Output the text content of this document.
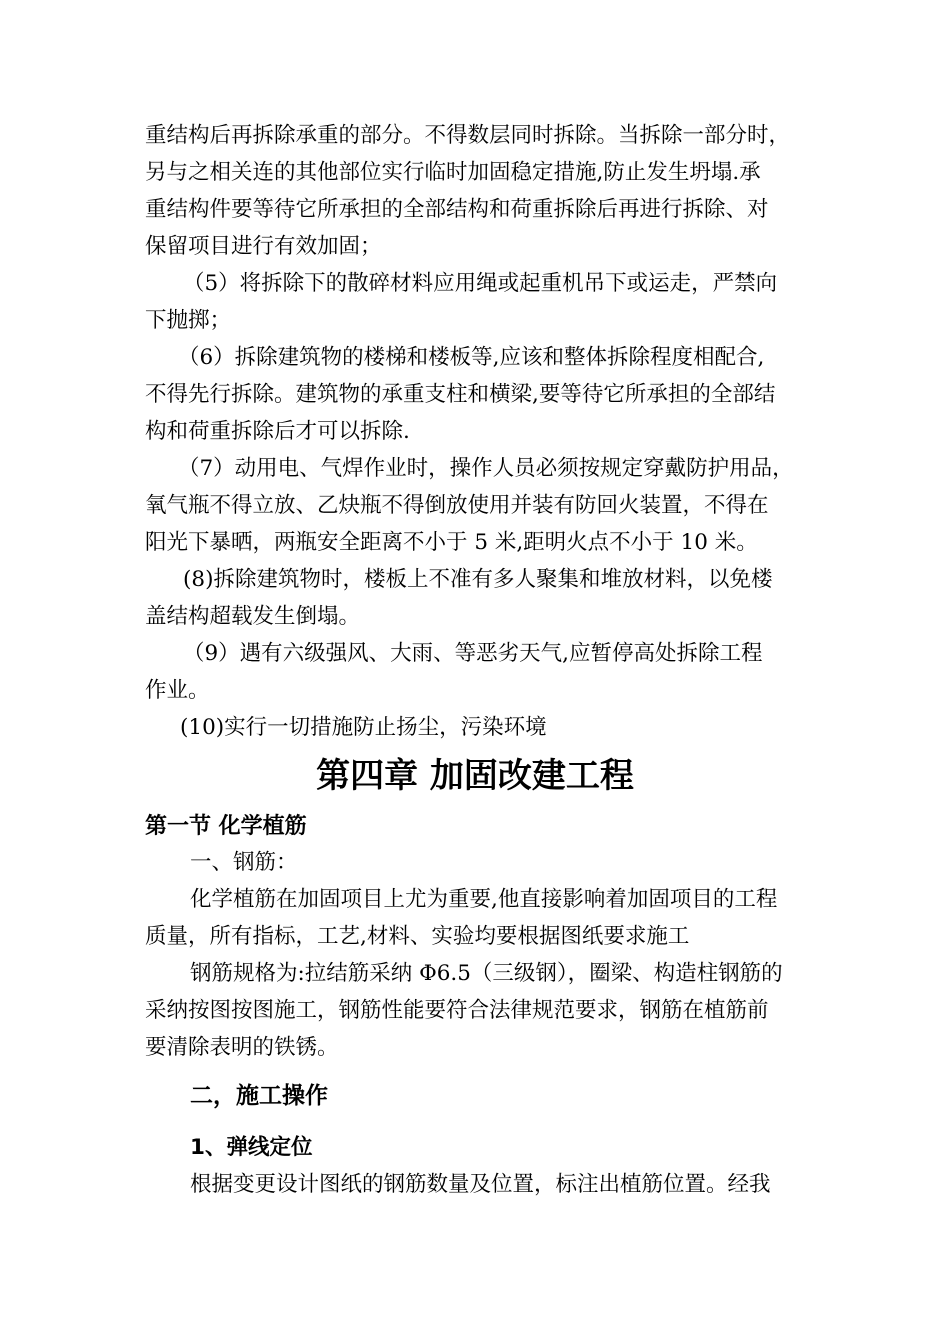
重结构后再拆除承重的部分。不得数层同时拆除。当拆除一部分时，
另与之相关连的其他部位实行临时加固稳定措施,防止发生坍塌.承
重结构件要等待它所承担的全部结构和荷重拆除后再进行拆除、对
保留项目进行有效加固；
（5）将拆除下的散碎材料应用绳或起重机吊下或运走，严禁向
下抛掷；
（6）拆除建筑物的楼梯和楼板等,应该和整体拆除程度相配合,
不得先行拆除。建筑物的承重支柱和横梁,要等待它所承担的全部结
构和荷重拆除后才可以拆除.
（7）动用电、气焊作业时，操作人员必须按规定穿戴防护用品，
氧气瓶不得立放、乙炔瓶不得倒放使用并装有防回火装置，不得在
阳光下暴晒，两瓶安全距离不小于 5 米,距明火点不小于 10 米。
(8)拆除建筑物时，楼板上不准有多人聚集和堆放材料，以免楼
盖结构超载发生倒塌。
（9）遇有六级强风、大雨、等恶劣天气,应暂停高处拆除工程
作业。
(10)实行一切措施防止扬尘，污染环境
第四章 加固改建工程
第一节 化学植筋
一、钢筋：
化学植筋在加固项目上尤为重要,他直接影响着加固项目的工程
质量，所有指标，工艺,材料、实验均要根据图纸要求施工
钢筋规格为:拉结筋采纳 Φ6.5（三级钢），圈梁、构造柱钢筋的
采纳按图按图施工，钢筋性能要符合法律规范要求，钢筋在植筋前
要清除表明的铁锈。
二，施工操作
1、弹线定位
根据变更设计图纸的钢筋数量及位置，标注出植筋位置。经我
